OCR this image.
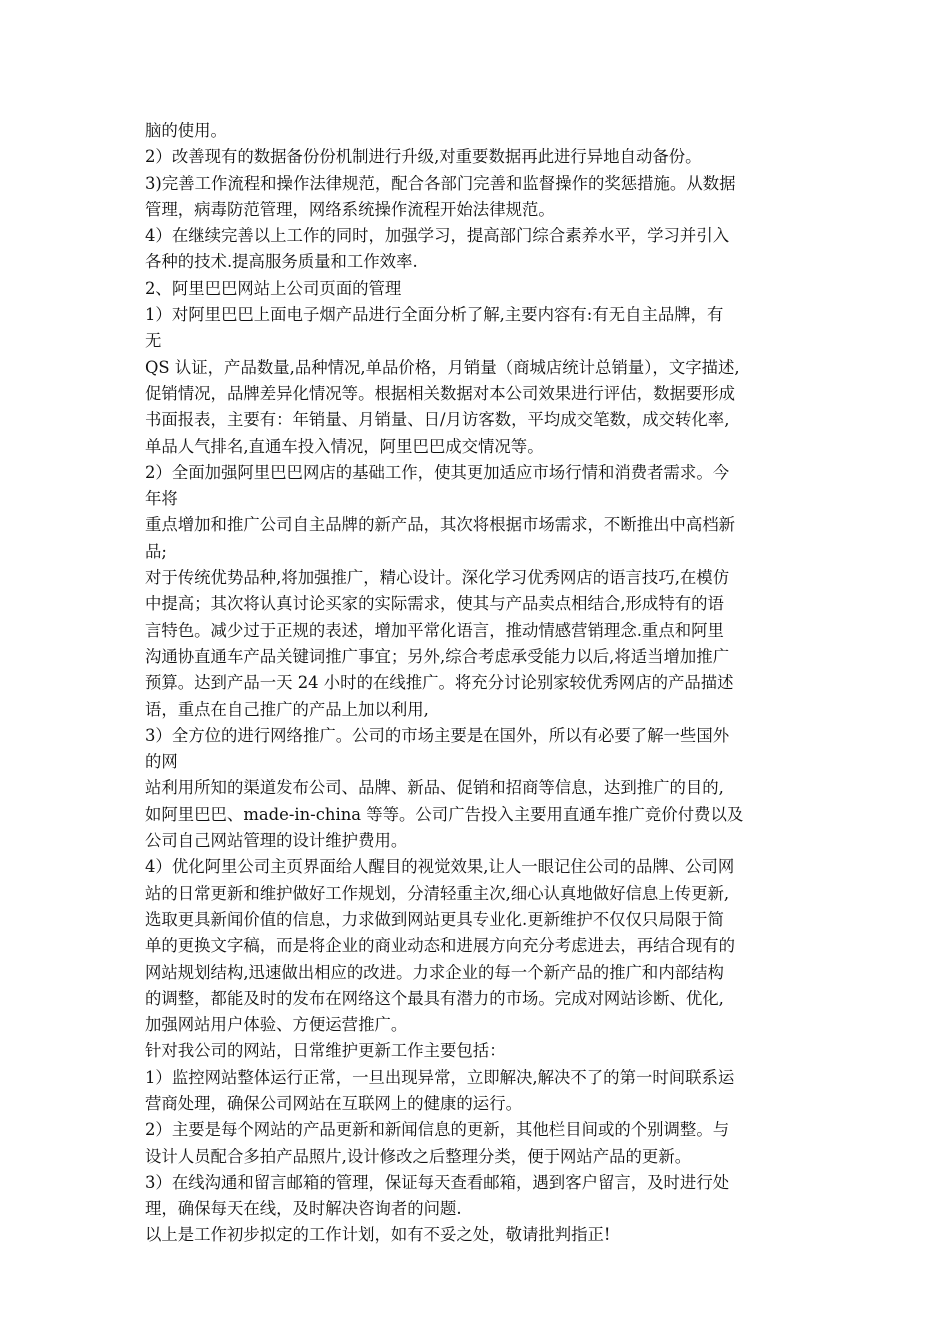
脑的使用。
2）改善现有的数据备份份机制进行升级,对重要数据再此进行异地自动备份。
3)完善工作流程和操作法律规范，配合各部门完善和监督操作的奖惩措施。从数据
管理，病毒防范管理，网络系统操作流程开始法律规范。
4）在继续完善以上工作的同时，加强学习，提高部门综合素养水平，学习并引入
各种的技术.提高服务质量和工作效率.
2、阿里巴巴网站上公司页面的管理
1）对阿里巴巴上面电子烟产品进行全面分析了解,主要内容有:有无自主品牌，有
无
QS 认证，产品数量,品种情况,单品价格，月销量（商城店统计总销量），文字描述,
促销情况，品牌差异化情况等。根据相关数据对本公司效果进行评估，数据要形成
书面报表，主要有：年销量、月销量、日/月访客数，平均成交笔数，成交转化率,
单品人气排名,直通车投入情况，阿里巴巴成交情况等。
2）全面加强阿里巴巴网店的基础工作，使其更加适应市场行情和消费者需求。今
年将
重点增加和推广公司自主品牌的新产品，其次将根据市场需求，不断推出中高档新
品;
对于传统优势品种,将加强推广，精心设计。深化学习优秀网店的语言技巧,在模仿
中提高；其次将认真讨论买家的实际需求，使其与产品卖点相结合,形成特有的语
言特色。减少过于正规的表述，增加平常化语言，推动情感营销理念.重点和阿里
沟通协直通车产品关键词推广事宜；另外,综合考虑承受能力以后,将适当增加推广
预算。达到产品一天 24 小时的在线推广。将充分讨论别家较优秀网店的产品描述
语，重点在自己推广的产品上加以利用,
3）全方位的进行网络推广。公司的市场主要是在国外，所以有必要了解一些国外
的网
站利用所知的渠道发布公司、品牌、新品、促销和招商等信息，达到推广的目的,
如阿里巴巴、made-in-china 等等。公司广告投入主要用直通车推广竞价付费以及
公司自己网站管理的设计维护费用。
4）优化阿里公司主页界面给人醒目的视觉效果,让人一眼记住公司的品牌、公司网
站的日常更新和维护做好工作规划，分清轻重主次,细心认真地做好信息上传更新,
选取更具新闻价值的信息，力求做到网站更具专业化.更新维护不仅仅只局限于简
单的更换文字稿，而是将企业的商业动态和进展方向充分考虑进去，再结合现有的
网站规划结构,迅速做出相应的改进。力求企业的每一个新产品的推广和内部结构
的调整，都能及时的发布在网络这个最具有潜力的市场。完成对网站诊断、优化,
加强网站用户体验、方便运营推广。
针对我公司的网站，日常维护更新工作主要包括：
1）监控网站整体运行正常，一旦出现异常，立即解决,解决不了的第一时间联系运
营商处理，确保公司网站在互联网上的健康的运行。
2）主要是每个网站的产品更新和新闻信息的更新，其他栏目间或的个别调整。与
设计人员配合多拍产品照片,设计修改之后整理分类，便于网站产品的更新。
3）在线沟通和留言邮箱的管理，保证每天查看邮箱，遇到客户留言，及时进行处
理，确保每天在线，及时解决咨询者的问题.
以上是工作初步拟定的工作计划，如有不妥之处，敬请批判指正!
